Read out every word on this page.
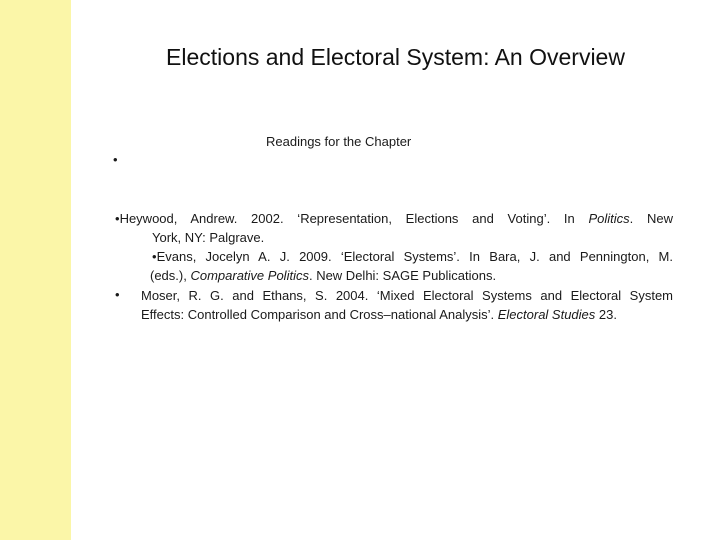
Elections and Electoral System: An Overview
Readings for the Chapter
•
•Heywood, Andrew. 2002. ‘Representation, Elections and Voting’. In Politics. New
York, NY: Palgrave.
•Evans, Jocelyn A. J. 2009. ‘Electoral Systems’. In Bara, J. and Pennington, M.
(eds.), Comparative Politics. New Delhi: SAGE Publications.
• Moser, R. G. and Ethans, S. 2004. ‘Mixed Electoral Systems and Electoral System
Effects: Controlled Comparison and Cross–national Analysis’. Electoral Studies 23.
